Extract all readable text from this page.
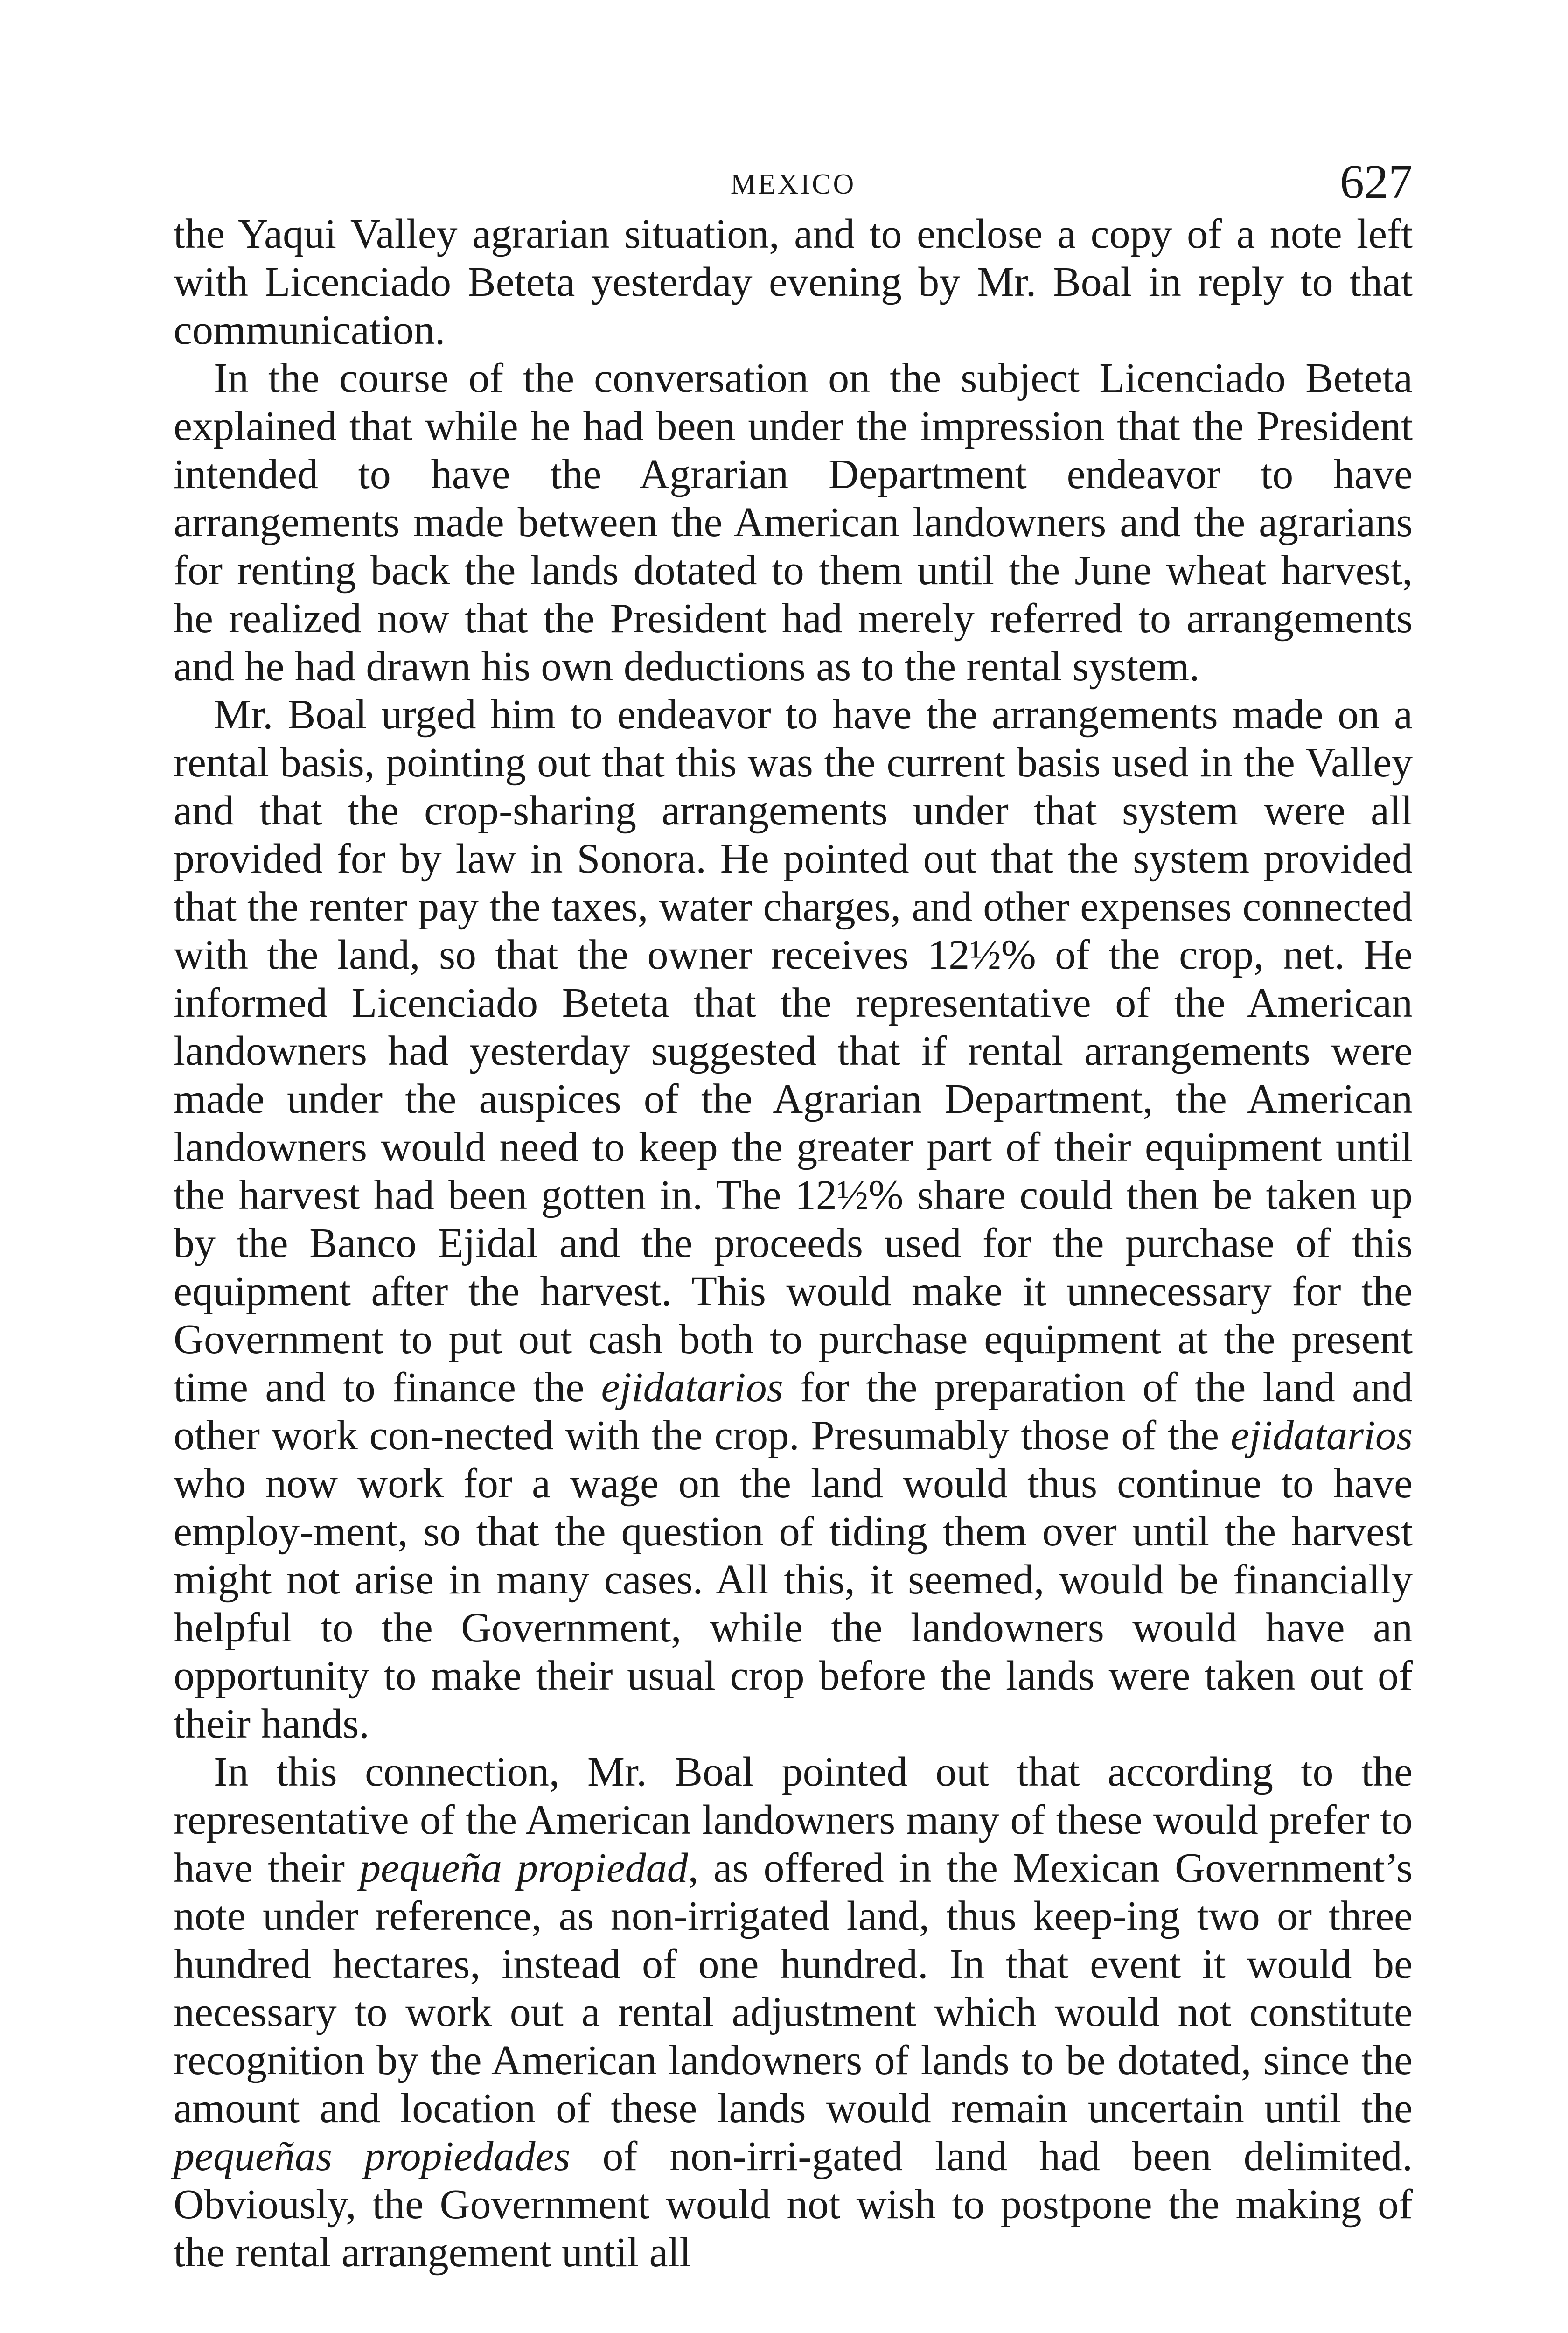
MEXICO	627

the Yaqui Valley agrarian situation, and to enclose a copy of a note left with Licenciado Beteta yesterday evening by Mr. Boal in reply to that communication.

In the course of the conversation on the subject Licenciado Beteta explained that while he had been under the impression that the President intended to have the Agrarian Department endeavor to have arrangements made between the American landowners and the agrarians for renting back the lands dotated to them until the June wheat harvest, he realized now that the President had merely referred to arrangements and he had drawn his own deductions as to the rental system.

Mr. Boal urged him to endeavor to have the arrangements made on a rental basis, pointing out that this was the current basis used in the Valley and that the crop-sharing arrangements under that system were all provided for by law in Sonora. He pointed out that the system provided that the renter pay the taxes, water charges, and other expenses connected with the land, so that the owner receives 12½% of the crop, net. He informed Licenciado Beteta that the representative of the American landowners had yesterday suggested that if rental arrangements were made under the auspices of the Agrarian Department, the American landowners would need to keep the greater part of their equipment until the harvest had been gotten in. The 12½% share could then be taken up by the Banco Ejidal and the proceeds used for the purchase of this equipment after the harvest. This would make it unnecessary for the Government to put out cash both to purchase equipment at the present time and to finance the ejidatarios for the preparation of the land and other work con-nected with the crop. Presumably those of the ejidatarios who now work for a wage on the land would thus continue to have employ-ment, so that the question of tiding them over until the harvest might not arise in many cases. All this, it seemed, would be financially helpful to the Government, while the landowners would have an opportunity to make their usual crop before the lands were taken out of their hands.

In this connection, Mr. Boal pointed out that according to the representative of the American landowners many of these would prefer to have their pequeña propiedad, as offered in the Mexican Government’s note under reference, as non-irrigated land, thus keep-ing two or three hundred hectares, instead of one hundred. In that event it would be necessary to work out a rental adjustment which would not constitute recognition by the American landowners of lands to be dotated, since the amount and location of these lands would remain uncertain until the pequeñas propiedades of non-irri-gated land had been delimited. Obviously, the Government would not wish to postpone the making of the rental arrangement until all
